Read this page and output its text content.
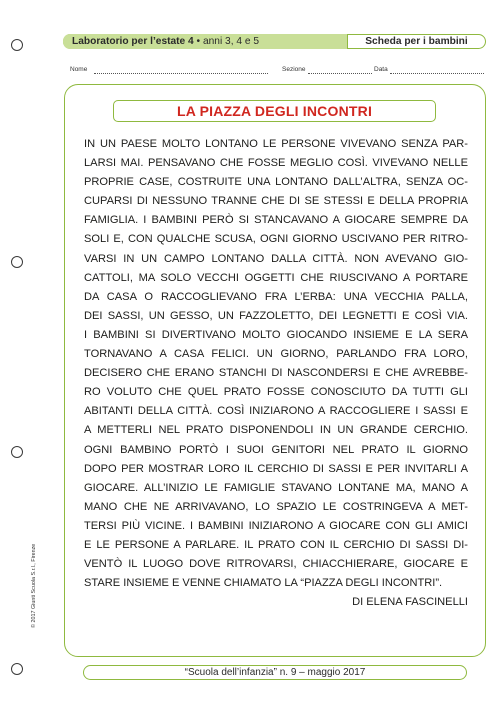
Laboratorio per l’estate 4 • anni 3, 4 e 5	Scheda per i bambini
Nome	Sezione	Data
LA PIAZZA DEGLI INCONTRI
IN UN PAESE MOLTO LONTANO LE PERSONE VIVEVANO SENZA PAR-
LARSI MAI. PENSAVANO CHE FOSSE MEGLIO COSÌ. VIVEVANO NELLE
PROPRIE CASE, COSTRUITE UNA LONTANO DALL’ALTRA, SENZA OC-
CUPARSI DI NESSUNO TRANNE CHE DI SE STESSI E DELLA PROPRIA
FAMIGLIA. I BAMBINI PERÒ SI STANCAVANO A GIOCARE SEMPRE DA
SOLI E, CON QUALCHE SCUSA, OGNI GIORNO USCIVANO PER RITRO-
VARSI IN UN CAMPO LONTANO DALLA CITTÀ. NON AVEVANO GIO-
CATTOLI, MA SOLO VECCHI OGGETTI CHE RIUSCIVANO A PORTARE
DA CASA O RACCOGLIEVANO FRA L’ERBA: UNA VECCHIA PALLA,
DEI SASSI, UN GESSO, UN FAZZOLETTO, DEI LEGNETTI E COSÌ VIA.
I BAMBINI SI DIVERTIVANO MOLTO GIOCANDO INSIEME E LA SERA
TORNAVANO A CASA FELICI. UN GIORNO, PARLANDO FRA LORO,
DECISERO CHE ERANO STANCHI DI NASCONDERSI E CHE AVREBBE-
RO VOLUTO CHE QUEL PRATO FOSSE CONOSCIUTO DA TUTTI GLI
ABITANTI DELLA CITTÀ. COSÌ INIZIARONO A RACCOGLIERE I SASSI E
A METTERLI NEL PRATO DISPONENDOLI IN UN GRANDE CERCHIO.
OGNI BAMBINO PORTÒ I SUOI GENITORI NEL PRATO IL GIORNO
DOPO PER MOSTRAR LORO IL CERCHIO DI SASSI E PER INVITARLI A
GIOCARE. ALL’INIZIO LE FAMIGLIE STAVANO LONTANE MA, MANO A
MANO CHE NE ARRIVAVANO, LO SPAZIO LE COSTRINGEVA A MET-
TERSI PIÙ VICINE. I BAMBINI INIZIARONO A GIOCARE CON GLI AMICI
E LE PERSONE A PARLARE. IL PRATO CON IL CERCHIO DI SASSI DI-
VENTÒ IL LUOGO DOVE RITROVARSI, CHIACCHIERARE, GIOCARE E
STARE INSIEME E VENNE CHIAMATO LA “PIAZZA DEGLI INCONTRI”.
DI ELENA FASCINELLI
© 2017 Giunti Scuola S.r.l., Firenze
“Scuola dell’infanzia” n. 9 – maggio 2017
